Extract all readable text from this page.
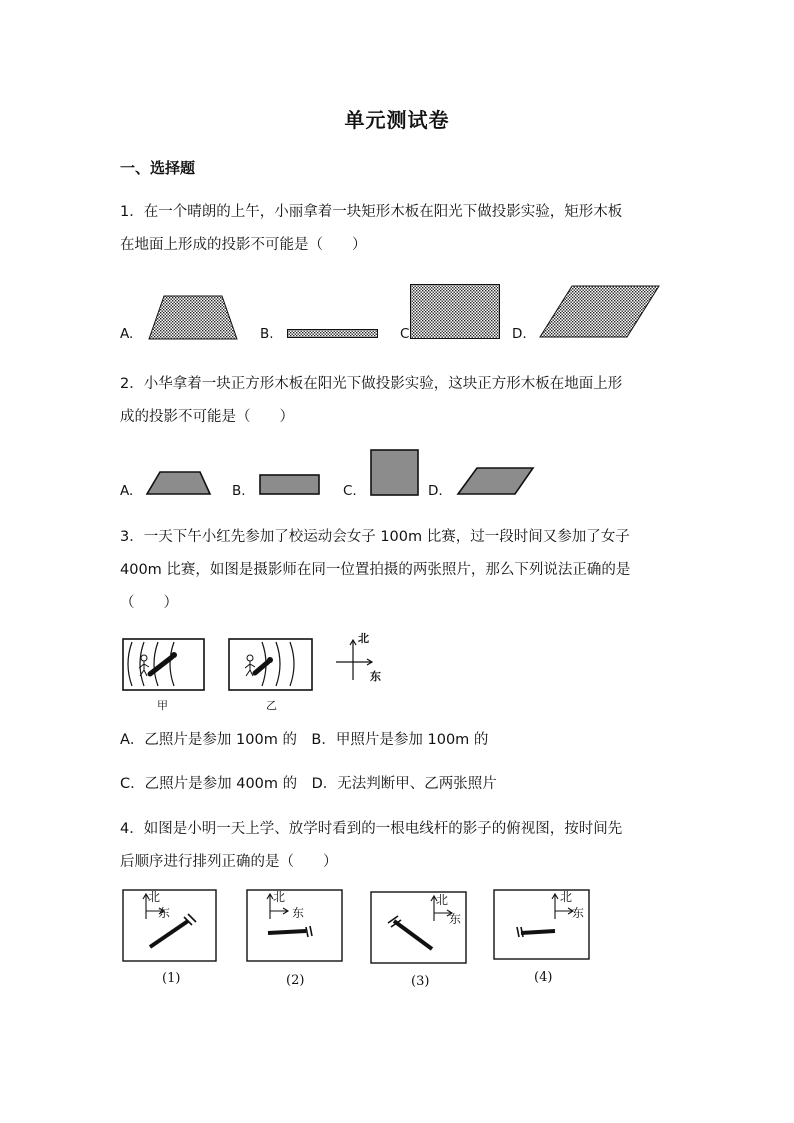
单元测试卷
一、选择题
1．在一个晴朗的上午，小丽拿着一块矩形木板在阳光下做投影实验，矩形木板
在地面上形成的投影不可能是（　　）
A.	B.	C	D.
2．小华拿着一块正方形木板在阳光下做投影实验，这块正方形木板在地面上形
成的投影不可能是（　　）
A.	B.	C.	D.
3．一天下午小红先参加了校运动会女子 100m 比赛，过一段时间又参加了女子
400m 比赛，如图是摄影师在同一位置拍摄的两张照片，那么下列说法正确的是
（　　）
甲	乙
北
东
A．乙照片是参加 100m 的　B．甲照片是参加 100m 的
C．乙照片是参加 400m 的　D．无法判断甲、乙两张照片
4．如图是小明一天上学、放学时看到的一根电线杆的影子的俯视图，按时间先
后顺序进行排列正确的是（　　）
北
东
(1)
北
东
(2)
北
东
(3)
北
东
(4)
